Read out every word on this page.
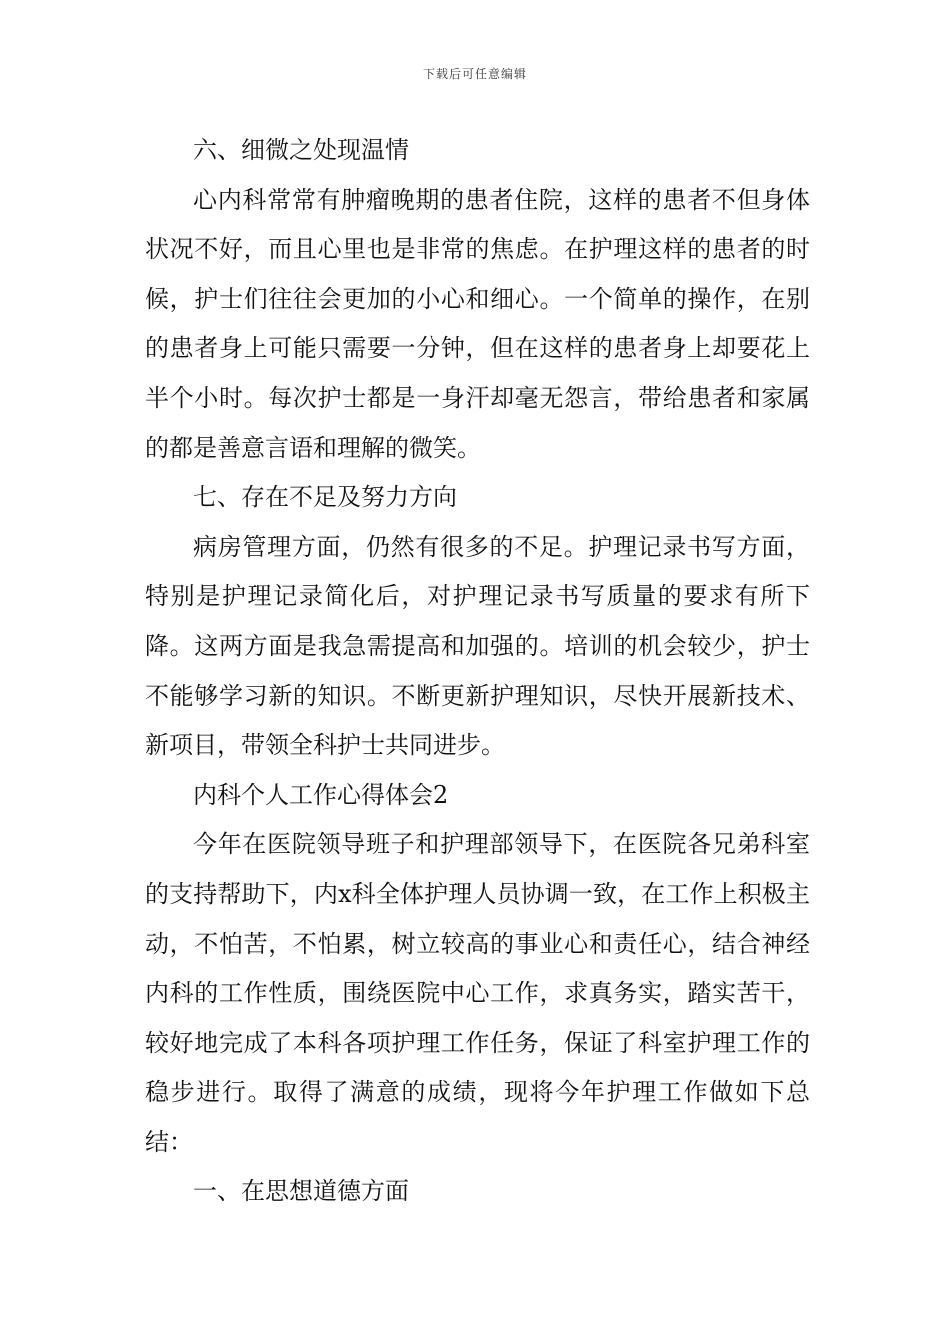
下载后可任意编辑

六、细微之处现温情

心内科常常有肿瘤晚期的患者住院，这样的患者不但身体状况不好，而且心里也是非常的焦虑。在护理这样的患者的时候，护士们往往会更加的小心和细心。一个简单的操作，在别的患者身上可能只需要一分钟，但在这样的患者身上却要花上半个小时。每次护士都是一身汗却毫无怨言，带给患者和家属的都是善意言语和理解的微笑。

七、存在不足及努力方向

病房管理方面，仍然有很多的不足。护理记录书写方面，特别是护理记录简化后，对护理记录书写质量的要求有所下降。这两方面是我急需提高和加强的。培训的机会较少，护士不能够学习新的知识。不断更新护理知识，尽快开展新技术、新项目，带领全科护士共同进步。

内科个人工作心得体会2

今年在医院领导班子和护理部领导下，在医院各兄弟科室的支持帮助下，内x科全体护理人员协调一致，在工作上积极主动，不怕苦，不怕累，树立较高的事业心和责任心，结合神经内科的工作性质，围绕医院中心工作，求真务实，踏实苦干，较好地完成了本科各项护理工作任务，保证了科室护理工作的稳步进行。取得了满意的成绩，现将今年护理工作做如下总结：

一、在思想道德方面
